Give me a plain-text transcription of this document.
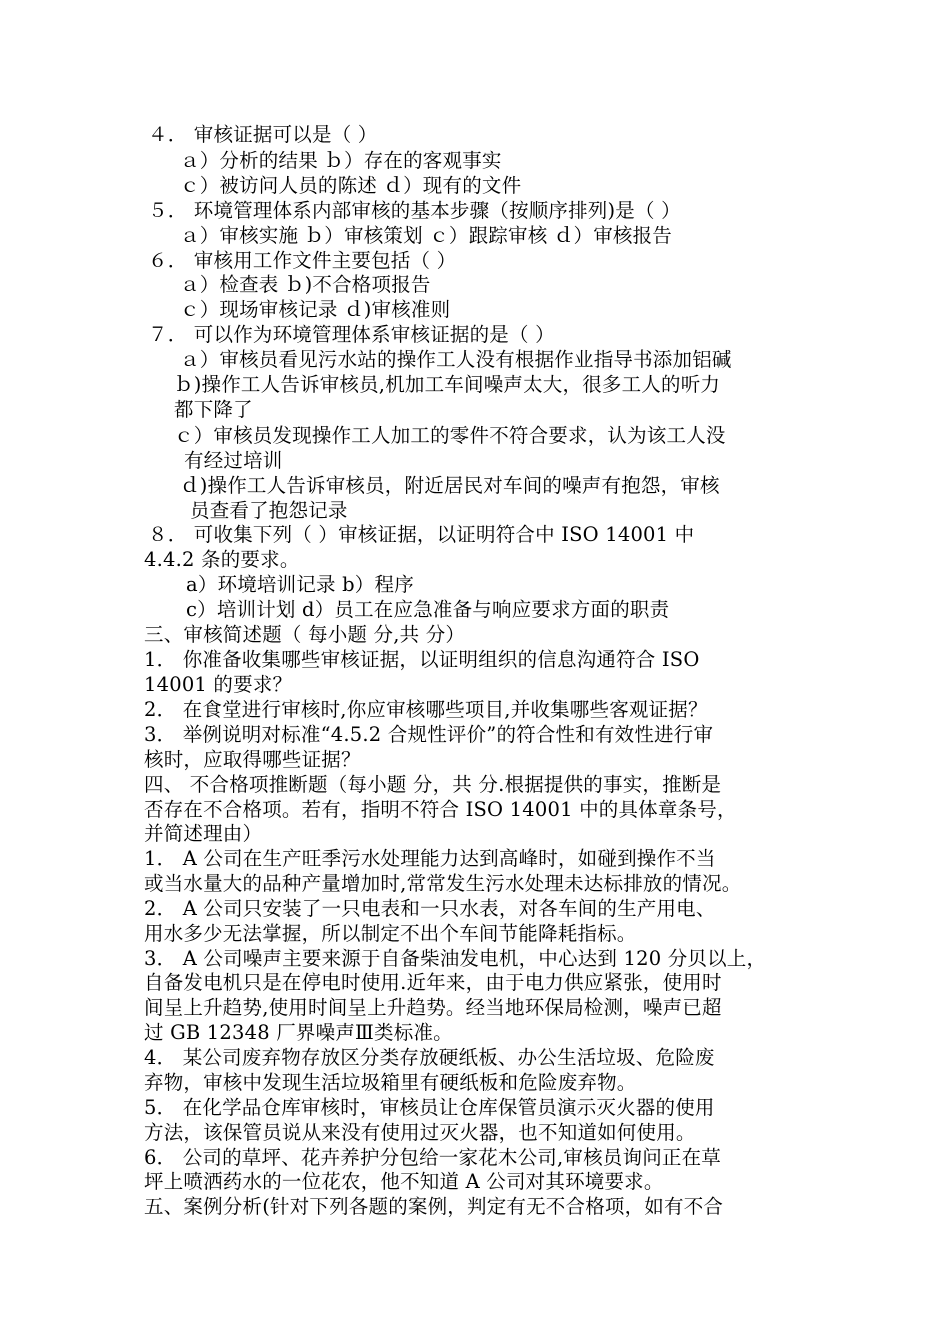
４． 审核证据可以是（ ）
ａ）分析的结果 ｂ）存在的客观事实
ｃ）被访问人员的陈述 ｄ）现有的文件
５． 环境管理体系内部审核的基本步骤（按顺序排列)是（ ）
ａ）审核实施 ｂ）审核策划 ｃ）跟踪审核 ｄ）审核报告
６． 审核用工作文件主要包括（ ）
ａ）检查表 ｂ)不合格项报告
ｃ）现场审核记录 ｄ)审核准则
７． 可以作为环境管理体系审核证据的是（ ）
ａ）审核员看见污水站的操作工人没有根据作业指导书添加铝碱
ｂ)操作工人告诉审核员,机加工车间噪声太大，很多工人的听力
都下降了
ｃ）审核员发现操作工人加工的零件不符合要求，认为该工人没
有经过培训
ｄ)操作工人告诉审核员，附近居民对车间的噪声有抱怨，审核
员查看了抱怨记录
８． 可收集下列（ ）审核证据，以证明符合中 ISO 14001 中
4.4.2 条的要求。
a）环境培训记录 b）程序
c）培训计划 d）员工在应急准备与响应要求方面的职责
三、审核简述题（ 每小题 分,共 分）
1． 你准备收集哪些审核证据，以证明组织的信息沟通符合 ISO
14001 的要求？
2． 在食堂进行审核时,你应审核哪些项目,并收集哪些客观证据？
3． 举例说明对标准“4.5.2 合规性评价”的符合性和有效性进行审
核时，应取得哪些证据？
四、 不合格项推断题（每小题 分，共 分.根据提供的事实，推断是
否存在不合格项。若有，指明不符合 ISO 14001 中的具体章条号，
并简述理由）
1． A 公司在生产旺季污水处理能力达到高峰时，如碰到操作不当
或当水量大的品种产量增加时,常常发生污水处理未达标排放的情况。
2． A 公司只安装了一只电表和一只水表，对各车间的生产用电、
用水多少无法掌握，所以制定不出个车间节能降耗指标。
3． A 公司噪声主要来源于自备柴油发电机，中心达到 120 分贝以上，
自备发电机只是在停电时使用.近年来，由于电力供应紧张，使用时
间呈上升趋势,使用时间呈上升趋势。经当地环保局检测，噪声已超
过 GB 12348 厂界噪声Ⅲ类标准。
4． 某公司废弃物存放区分类存放硬纸板、办公生活垃圾、危险废
弃物，审核中发现生活垃圾箱里有硬纸板和危险废弃物。
5． 在化学品仓库审核时，审核员让仓库保管员演示灭火器的使用
方法，该保管员说从来没有使用过灭火器，也不知道如何使用。
6． 公司的草坪、花卉养护分包给一家花木公司,审核员询问正在草
坪上喷洒药水的一位花农，他不知道 A 公司对其环境要求。
五、案例分析(针对下列各题的案例，判定有无不合格项，如有不合
